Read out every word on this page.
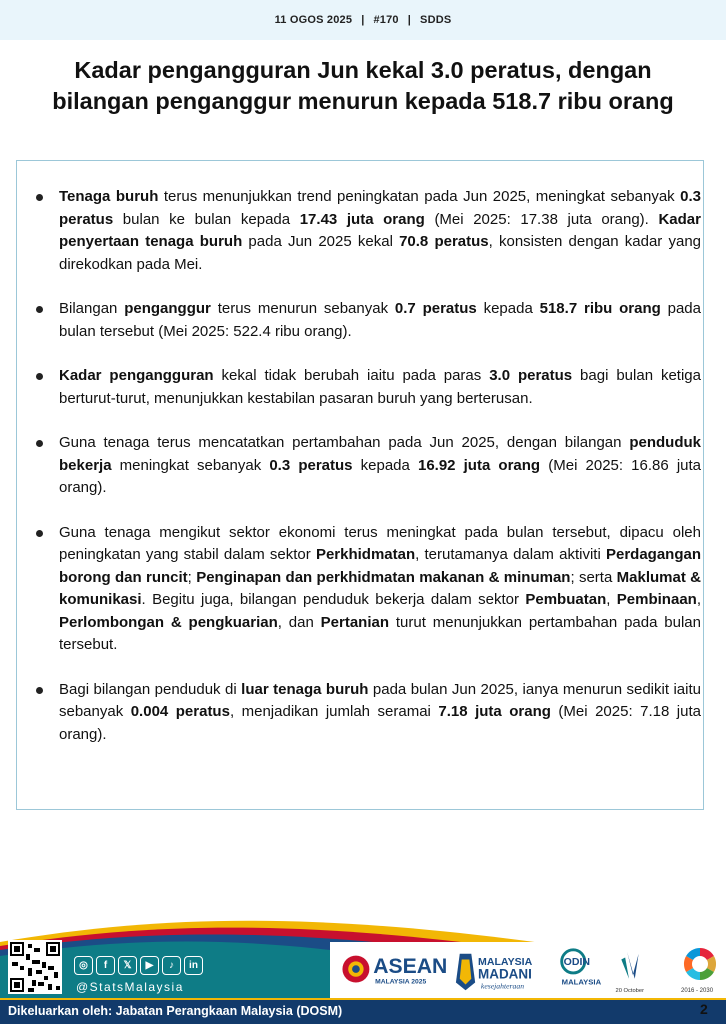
11 OGOS 2025 | #170 | SDDS
Kadar pengangguran Jun kekal 3.0 peratus, dengan bilangan penganggur menurun kepada 518.7 ribu orang
Tenaga buruh terus menunjukkan trend peningkatan pada Jun 2025, meningkat sebanyak 0.3 peratus bulan ke bulan kepada 17.43 juta orang (Mei 2025: 17.38 juta orang). Kadar penyertaan tenaga buruh pada Jun 2025 kekal 70.8 peratus, konsisten dengan kadar yang direkodkan pada Mei.
Bilangan penganggur terus menurun sebanyak 0.7 peratus kepada 518.7 ribu orang pada bulan tersebut (Mei 2025: 522.4 ribu orang).
Kadar pengangguran kekal tidak berubah iaitu pada paras 3.0 peratus bagi bulan ketiga berturut-turut, menunjukkan kestabilan pasaran buruh yang berterusan.
Guna tenaga terus mencatatkan pertambahan pada Jun 2025, dengan bilangan penduduk bekerja meningkat sebanyak 0.3 peratus kepada 16.92 juta orang (Mei 2025: 16.86 juta orang).
Guna tenaga mengikut sektor ekonomi terus meningkat pada bulan tersebut, dipacu oleh peningkatan yang stabil dalam sektor Perkhidmatan, terutamanya dalam aktiviti Perdagangan borong dan runcit; Penginapan dan perkhidmatan makanan & minuman; serta Maklumat & komunikasi. Begitu juga, bilangan penduduk bekerja dalam sektor Pembuatan, Pembinaan, Perlombongan & pengkuarian, dan Pertanian turut menunjukkan pertambahan pada bulan tersebut.
Bagi bilangan penduduk di luar tenaga buruh pada bulan Jun 2025, ianya menurun sedikit iaitu sebanyak 0.004 peratus, menjadikan jumlah seramai 7.18 juta orang (Mei 2025: 7.18 juta orang).
◎	f	𝕏	▶	♪	in
@StatsMalaysia
Dikeluarkan oleh: Jabatan Perangkaan Malaysia (DOSM)
ASEAN
MALAYSIA 2025
MALAYSIA
MADANI
kesejahteraan
ODIN
MALAYSIA
20 October	2016 - 2030
2
